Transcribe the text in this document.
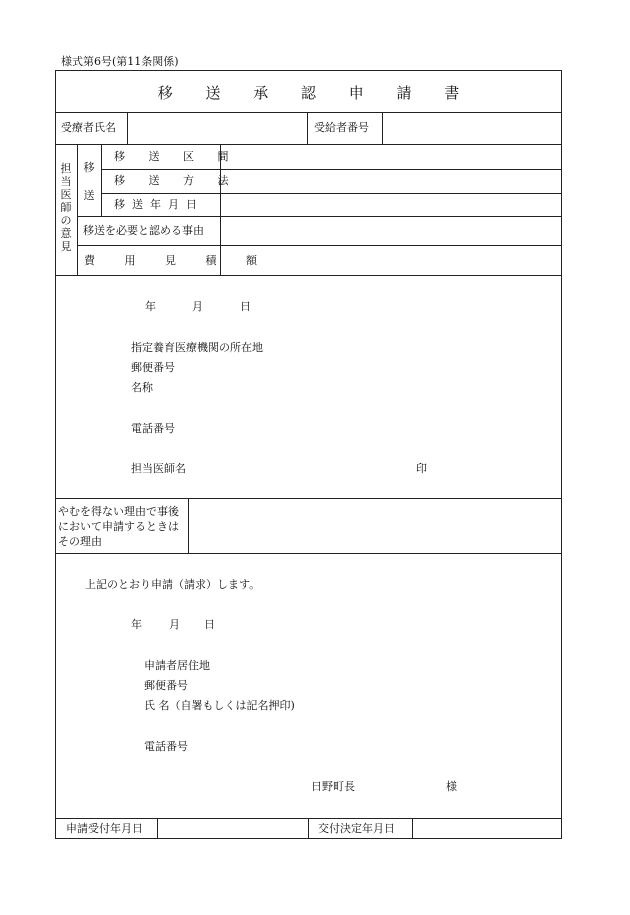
様式第6号(第11条関係)
移 送 承 認 申 請 書
受療者氏名	受給者番号
担当医師の意見
移送
移 送 区 間
移 送 方 法
移送年月日
移送を必要と認める事由
費 用 見 積 額
年	月	日
指定養育医療機関の所在地
郵便番号
名称
電話番号
担当医師名	印
やむを得ない理由で事後において申請するときはその理由
上記のとおり申請（請求）します。
年 月 日
申請者居住地
郵便番号
氏 名（自署もしくは記名押印)
電話番号
日野町長	様
申請受付年月日	交付決定年月日
